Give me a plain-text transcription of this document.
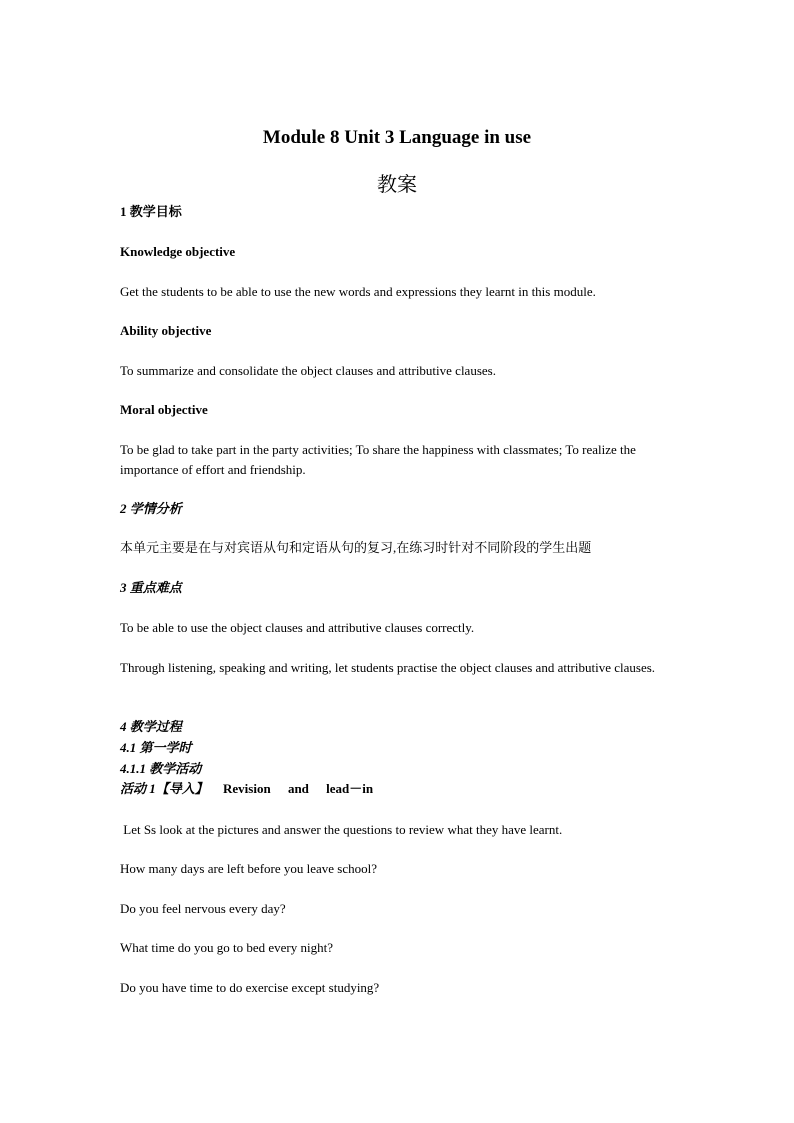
Module 8 Unit 3 Language in use
教案
1 教学目标
Knowledge objective
Get the students to be able to use the new words and expressions they learnt in this module.
Ability objective
To summarize and consolidate the object clauses and attributive clauses.
Moral objective
To be glad to take part in the party activities; To share the happiness with classmates; To realize the importance of effort and friendship.
2 学情分析
本单元主要是在与对宾语从句和定语从句的复习,在练习时针对不同阶段的学生出题
3 重点难点
To be able to use the object clauses and attributive clauses correctly.
Through listening, speaking and writing, let students practise the object clauses and attributive clauses.
4 教学过程
4.1 第一学时
4.1.1 教学活动
活动 1【导入】 Revision and lead－in
Let Ss look at the pictures and answer the questions to review what they have learnt.
How many days are left before you leave school?
Do you feel nervous every day?
What time do you go to bed every night?
Do you have time to do exercise except studying?
